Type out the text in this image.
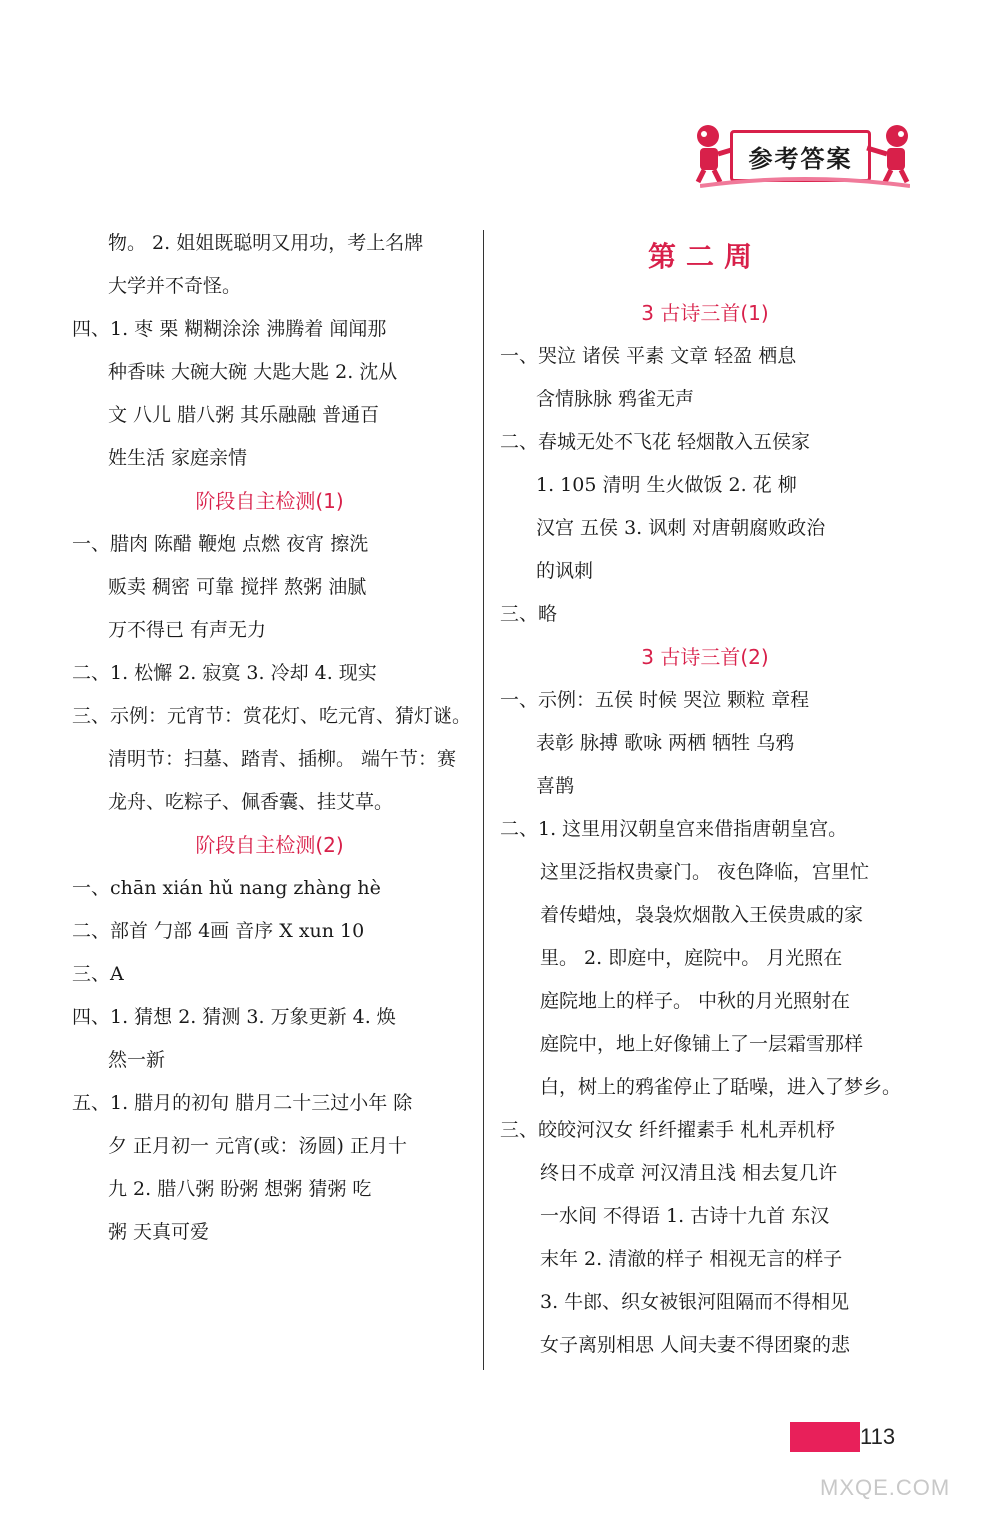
参考答案
物。 2. 姐姐既聪明又用功，考上名牌
大学并不奇怪。
四、1. 枣 栗 糊糊涂涂 沸腾着 闻闻那
种香味 大碗大碗 大匙大匙 2. 沈从
文 八儿 腊八粥 其乐融融 普通百
姓生活 家庭亲情
阶段自主检测(1)
一、腊肉 陈醋 鞭炮 点燃 夜宵 擦洗
贩卖 稠密 可靠 搅拌 熬粥 油腻
万不得已 有声无力
二、1. 松懈 2. 寂寞 3. 冷却 4. 现实
三、示例：元宵节：赏花灯、吃元宵、猜灯谜。
清明节：扫墓、踏青、插柳。 端午节：赛
龙舟、吃粽子、佩香囊、挂艾草。
阶段自主检测(2)
一、chān xián hǔ nang zhàng hè
二、部首 勹部 4画 音序 X xun 10
三、A
四、1. 猜想 2. 猜测 3. 万象更新 4. 焕
然一新
五、1. 腊月的初旬 腊月二十三过小年 除
夕 正月初一 元宵(或：汤圆) 正月十
九 2. 腊八粥 盼粥 想粥 猜粥 吃
粥 天真可爱
第二周
3 古诗三首(1)
一、哭泣 诸侯 平素 文章 轻盈 栖息
含情脉脉 鸦雀无声
二、春城无处不飞花 轻烟散入五侯家
1. 105 清明 生火做饭 2. 花 柳
汉宫 五侯 3. 讽刺 对唐朝腐败政治
的讽刺
三、略
3 古诗三首(2)
一、示例：五侯 时候 哭泣 颗粒 章程
表彰 脉搏 歌咏 两栖 牺牲 乌鸦
喜鹊
二、1. 这里用汉朝皇宫来借指唐朝皇宫。
这里泛指权贵豪门。 夜色降临，宫里忙
着传蜡烛，袅袅炊烟散入王侯贵戚的家
里。 2. 即庭中，庭院中。 月光照在
庭院地上的样子。 中秋的月光照射在
庭院中，地上好像铺上了一层霜雪那样
白，树上的鸦雀停止了聒噪，进入了梦乡。
三、皎皎河汉女 纤纤擢素手 札札弄机杼
终日不成章 河汉清且浅 相去复几许
一水间 不得语 1. 古诗十九首 东汉
末年 2. 清澈的样子 相视无言的样子
3. 牛郎、织女被银河阻隔而不得相见
女子离别相思 人间夫妻不得团聚的悲
113
MXQE.COM
